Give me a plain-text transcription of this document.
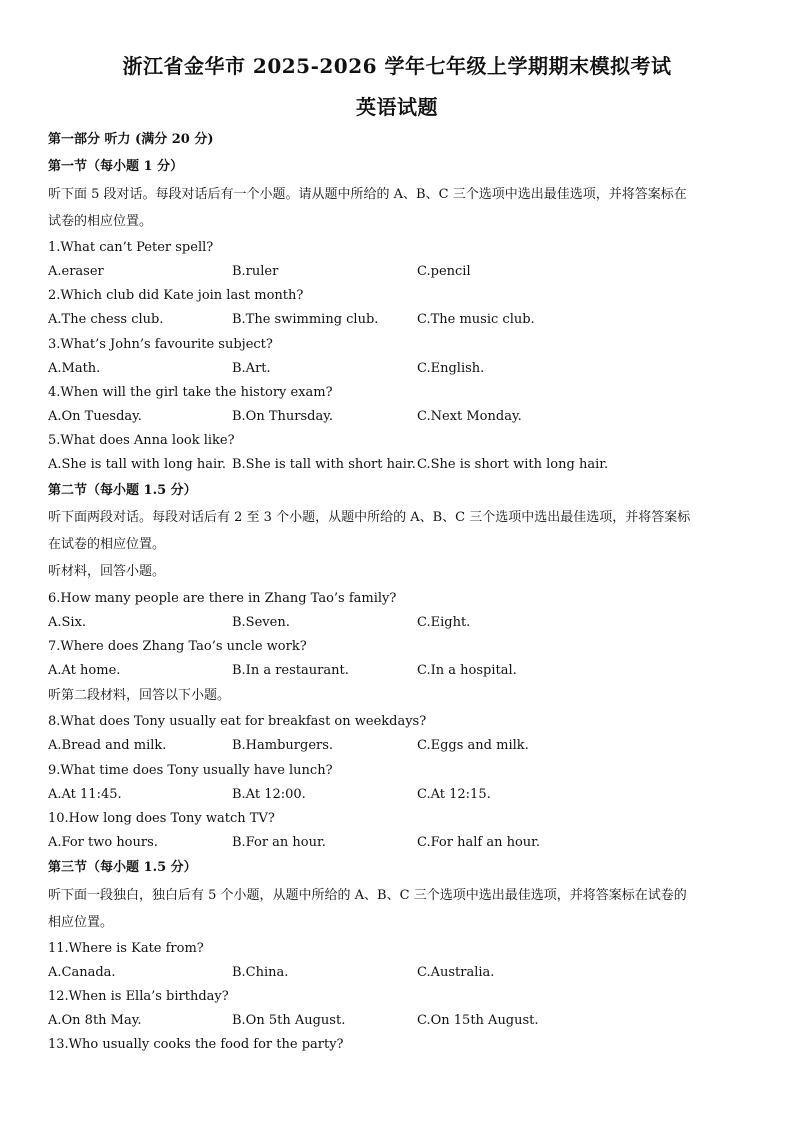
浙江省金华市 2025-2026 学年七年级上学期期末模拟考试
英语试题
第一部分 听力 (满分 20 分)
第一节（每小题 1 分）
听下面 5 段对话。每段对话后有一个小题。请从题中所给的 A、B、C 三个选项中选出最佳选项，并将答案标在
试卷的相应位置。
1.What can’t Peter spell?
A.eraser	B.ruler	C.pencil
2.Which club did Kate join last month?
A.The chess club.	B.The swimming club.	C.The music club.
3.What’s John’s favourite subject?
A.Math.	B.Art.	C.English.
4.When will the girl take the history exam?
A.On Tuesday.	B.On Thursday.	C.Next Monday.
5.What does Anna look like?
A.She is tall with long hair. B.She is tall with short hair. C.She is short with long hair.
第二节（每小题 1.5 分）
听下面两段对话。每段对话后有 2 至 3 个小题，从题中所给的 A、B、C 三个选项中选出最佳选项，并将答案标
在试卷的相应位置。
听材料，回答小题。
6.How many people are there in Zhang Tao’s family?
A.Six.	B.Seven.	C.Eight.
7.Where does Zhang Tao’s uncle work?
A.At home.	B.In a restaurant.	C.In a hospital.
听第二段材料，回答以下小题。
8.What does Tony usually eat for breakfast on weekdays?
A.Bread and milk.	B.Hamburgers.	C.Eggs and milk.
9.What time does Tony usually have lunch?
A.At 11:45.	B.At 12:00.	C.At 12:15.
10.How long does Tony watch TV?
A.For two hours.	B.For an hour.	C.For half an hour.
第三节（每小题 1.5 分）
听下面一段独白，独白后有 5 个小题，从题中所给的 A、B、C 三个选项中选出最佳选项，并将答案标在试卷的
相应位置。
11.Where is Kate from?
A.Canada.	B.China.	C.Australia.
12.When is Ella’s birthday?
A.On 8th May.	B.On 5th August.	C.On 15th August.
13.Who usually cooks the food for the party?
